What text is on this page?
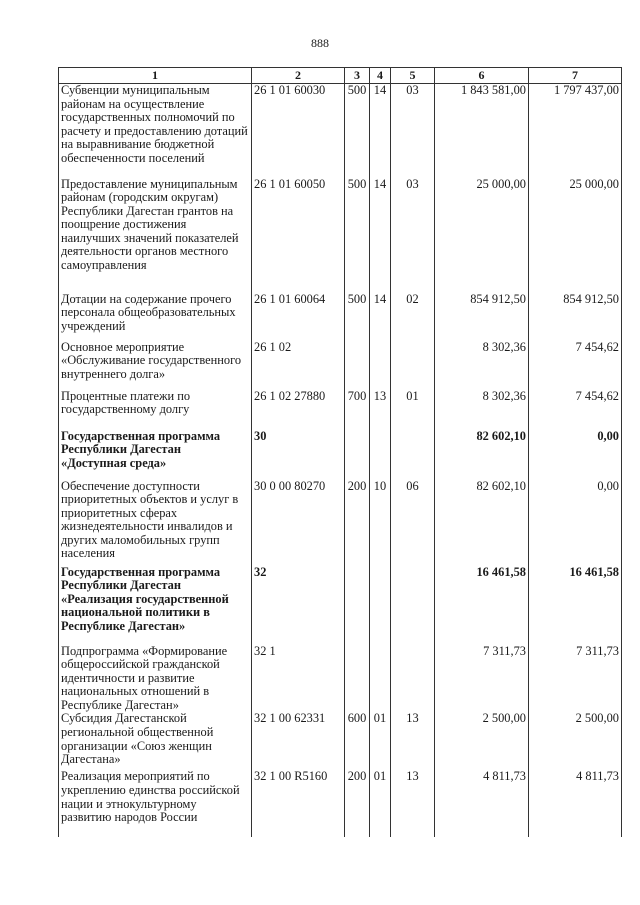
888
1	2	3	4	5	6	7
Субвенции муниципальным районам на осуществление государственных полномочий по расчету и предоставлению дотаций на выравнивание бюджетной обеспеченности поселений	26 1 01 60030	500	14	03	1 843 581,00	1 797 437,00
Предоставление муниципальным районам (городским округам) Республики Дагестан грантов на поощрение достижения наилучших значений показателей деятельности органов местного самоуправления	26 1 01 60050	500	14	03	25 000,00	25 000,00
Дотации на содержание прочего персонала общеобразовательных учреждений	26 1 01 60064	500	14	02	854 912,50	854 912,50
Основное мероприятие «Обслуживание государственного внутреннего долга»	26 1 02				8 302,36	7 454,62
Процентные платежи по государственному долгу	26 1 02 27880	700	13	01	8 302,36	7 454,62
Государственная программа Республики Дагестан «Доступная среда»	30				82 602,10	0,00
Обеспечение доступности приоритетных объектов и услуг в приоритетных сферах жизнедеятельности инвалидов и других маломобильных групп населения	30 0 00 80270	200	10	06	82 602,10	0,00
Государственная программа Республики Дагестан «Реализация государственной национальной политики в Республике Дагестан»	32				16 461,58	16 461,58
Подпрограмма «Формирование общероссийской гражданской идентичности и развитие национальных отношений в Республике Дагестан»	32 1				7 311,73	7 311,73
Субсидия Дагестанской региональной общественной организации «Союз женщин Дагестана»	32 1 00 62331	600	01	13	2 500,00	2 500,00
Реализация мероприятий по укреплению единства российской нации и этнокультурному развитию народов России	32 1 00 R5160	200	01	13	4 811,73	4 811,73
